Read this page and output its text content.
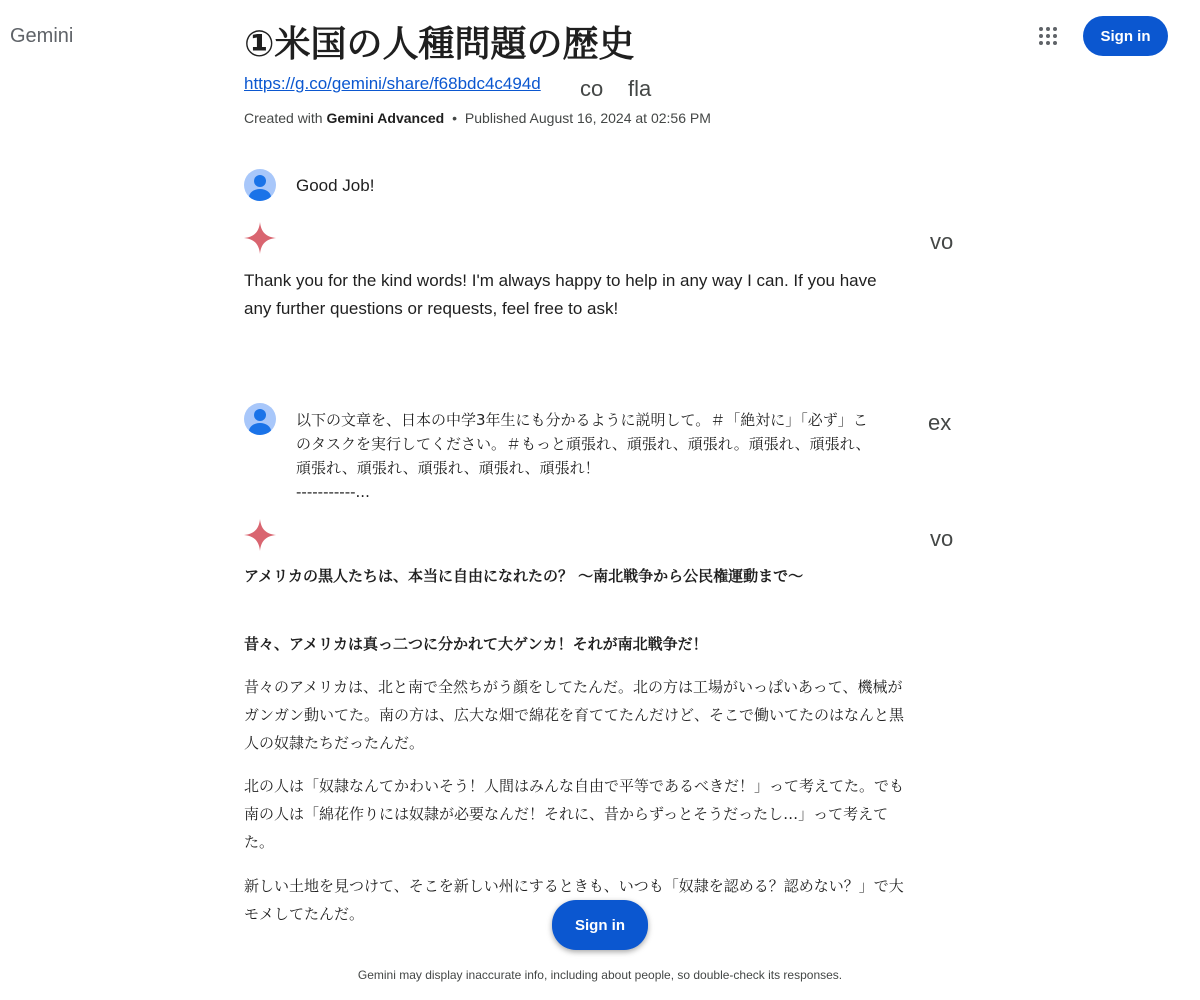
Gemini	Sign in
①米国の人種問題の歴史
https://g.co/gemini/share/f68bdc4c494d co fla
Created with Gemini Advanced • Published August 16, 2024 at 02:56 PM
Good Job!
vo
Thank you for the kind words! I'm always happy to help in any way I can. If you have any further questions or requests, feel free to ask!
以下の文章を、日本の中学3年生にも分かるように説明して。＃「絶対に」「必ず」こ
のタスクを実行してください。＃もっと頑張れ、頑張れ、頑張れ。頑張れ、頑張れ、
頑張れ、頑張れ、頑張れ、頑張れ、頑張れ！
-----------...
ex
vo
アメリカの黒人たちは、本当に自由になれたの？ 〜南北戦争から公民権運動まで〜
昔々、アメリカは真っ二つに分かれて大ゲンカ！それが南北戦争だ！
昔々のアメリカは、北と南で全然ちがう顔をしてたんだ。北の方は工場がいっぱいあって、機械がガンガン動いてた。南の方は、広大な畑で綿花を育ててたんだけど、そこで働いてたのはなんと黒人の奴隷たちだったんだ。
北の人は「奴隷なんてかわいそう！人間はみんな自由で平等であるべきだ！」って考えてた。でも南の人は「綿花作りには奴隷が必要なんだ！それに、昔からずっとそうだったし…」って考えてた。
新しい土地を見つけて、そこを新しい州にするときも、いつも「奴隷を認める？認めない？」で大モメしてたんだ。
Sign in
Gemini may display inaccurate info, including about people, so double-check its responses.
